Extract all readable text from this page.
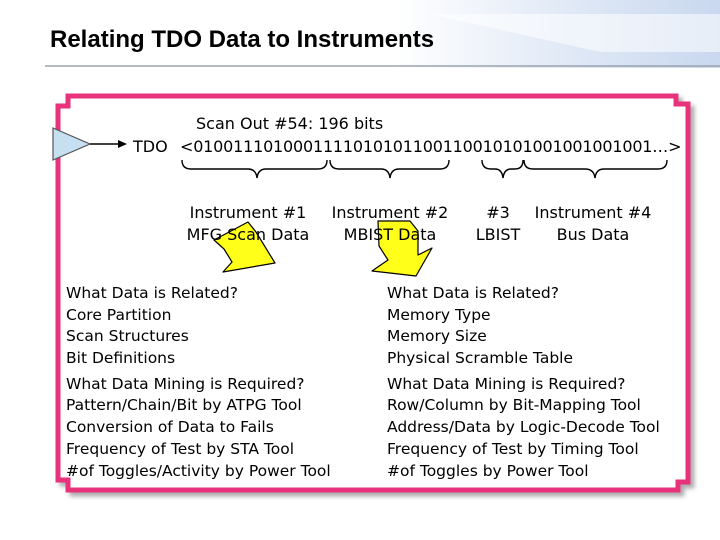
Relating TDO Data to Instruments
Scan Out #54: 196 bits
TDO <0100111010001111010101100110010101001001001001…>
Instrument #1
MFG Scan Data
Instrument #2
MBIST Data
#3
LBIST
Instrument #4
Bus Data
What Data is Related?
Core Partition
Scan Structures
Bit Definitions
What Data Mining is Required?
Pattern/Chain/Bit by ATPG Tool
Conversion of Data to Fails
Frequency of Test by STA Tool
#of Toggles/Activity by Power Tool
What Data is Related?
Memory Type
Memory Size
Physical Scramble Table
What Data Mining is Required?
Row/Column by Bit-Mapping Tool
Address/Data by Logic-Decode Tool
Frequency of Test by Timing Tool
#of Toggles by Power Tool
